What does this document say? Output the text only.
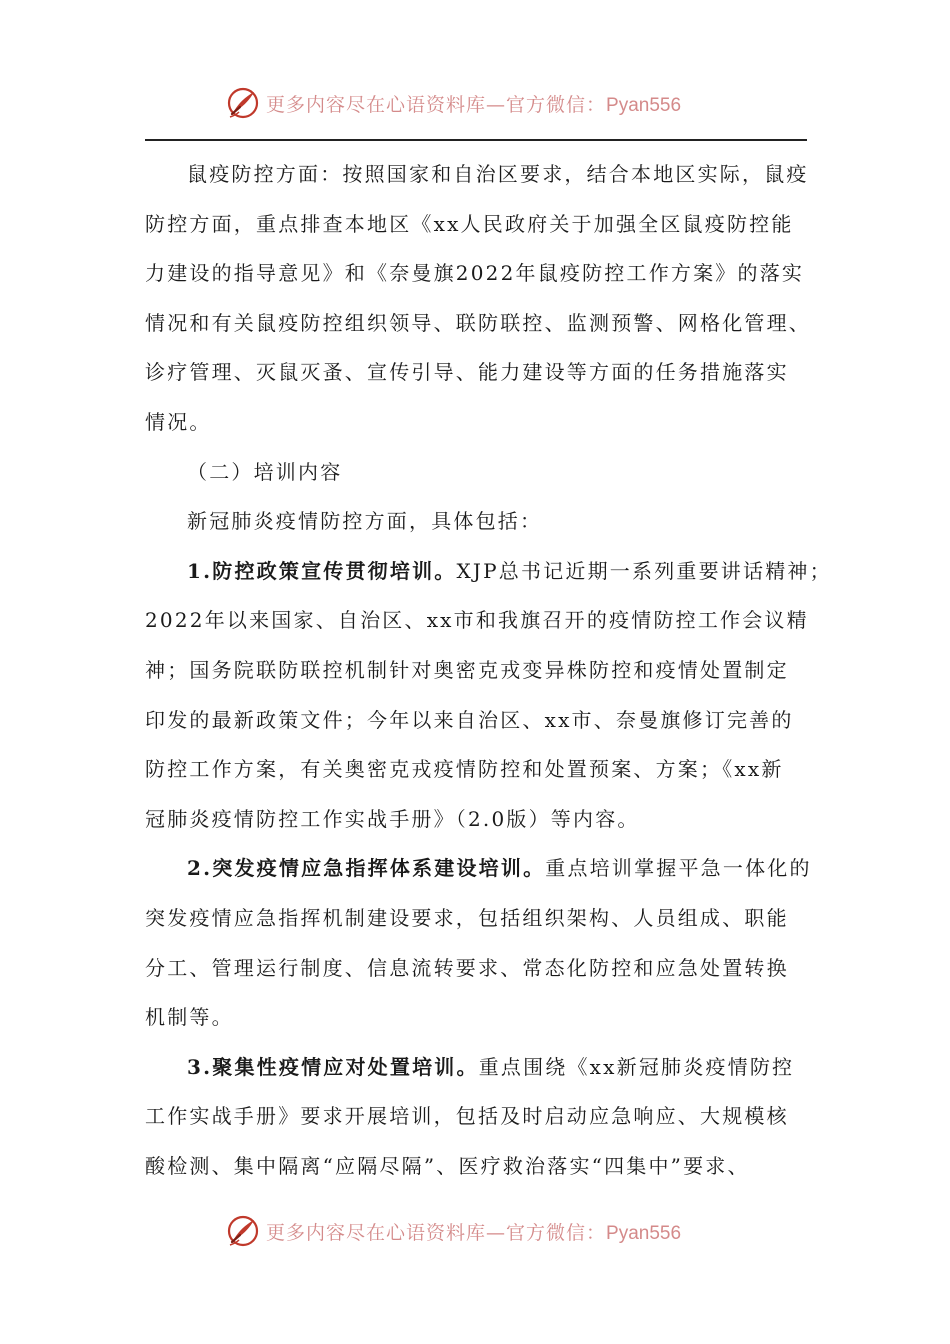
更多内容尽在心语资料库—官方微信：Pyan556
鼠疫防控方面：按照国家和自治区要求，结合本地区实际，鼠疫
防控方面，重点排查本地区《xx人民政府关于加强全区鼠疫防控能
力建设的指导意见》和《奈曼旗2022年鼠疫防控工作方案》的落实
情况和有关鼠疫防控组织领导、联防联控、监测预警、网格化管理、
诊疗管理、灭鼠灭蚤、宣传引导、能力建设等方面的任务措施落实
情况。
（二）培训内容
新冠肺炎疫情防控方面，具体包括：
1.防控政策宣传贯彻培训。XJP总书记近期一系列重要讲话精神；
2022年以来国家、自治区、xx市和我旗召开的疫情防控工作会议精
神；国务院联防联控机制针对奥密克戎变异株防控和疫情处置制定
印发的最新政策文件；今年以来自治区、xx市、奈曼旗修订完善的
防控工作方案，有关奥密克戎疫情防控和处置预案、方案；《xx新
冠肺炎疫情防控工作实战手册》（2.0版）等内容。
2.突发疫情应急指挥体系建设培训。重点培训掌握平急一体化的
突发疫情应急指挥机制建设要求，包括组织架构、人员组成、职能
分工、管理运行制度、信息流转要求、常态化防控和应急处置转换
机制等。
3.聚集性疫情应对处置培训。重点围绕《xx新冠肺炎疫情防控
工作实战手册》要求开展培训，包括及时启动应急响应、大规模核
酸检测、集中隔离“应隔尽隔”、医疗救治落实“四集中”要求、
更多内容尽在心语资料库—官方微信：Pyan556
